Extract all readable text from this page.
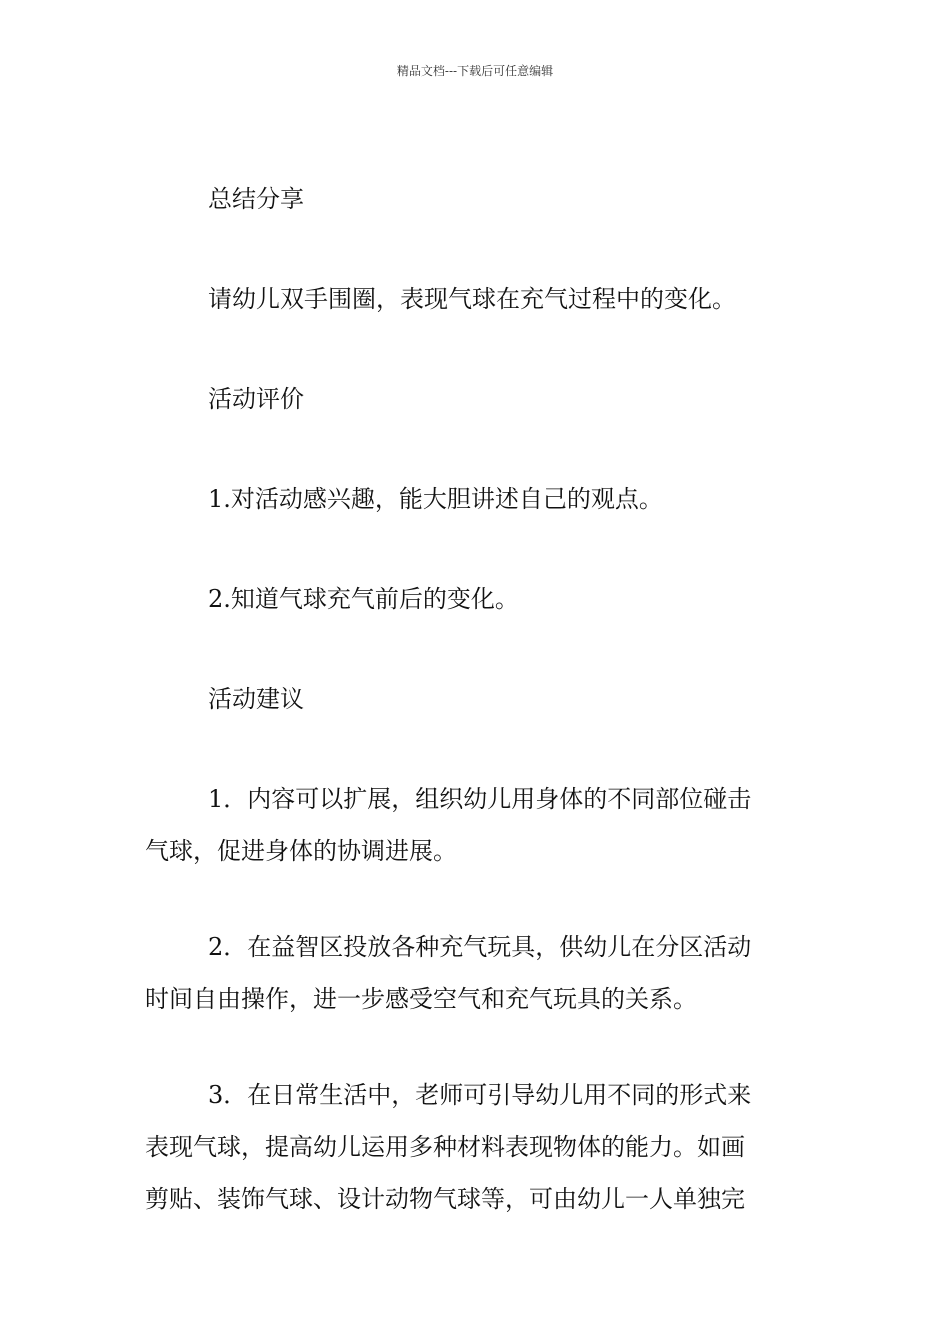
精品文档---下载后可任意编辑
总结分享
请幼儿双手围圈，表现气球在充气过程中的变化。
活动评价
1.对活动感兴趣，能大胆讲述自己的观点。
2.知道气球充气前后的变化。
活动建议
1．内容可以扩展，组织幼儿用身体的不同部位碰击
气球，促进身体的协调进展。
2．在益智区投放各种充气玩具，供幼儿在分区活动
时间自由操作，进一步感受空气和充气玩具的关系。
3．在日常生活中，老师可引导幼儿用不同的形式来
表现气球，提高幼儿运用多种材料表现物体的能力。如画
剪贴、装饰气球、设计动物气球等，可由幼儿一人单独完
